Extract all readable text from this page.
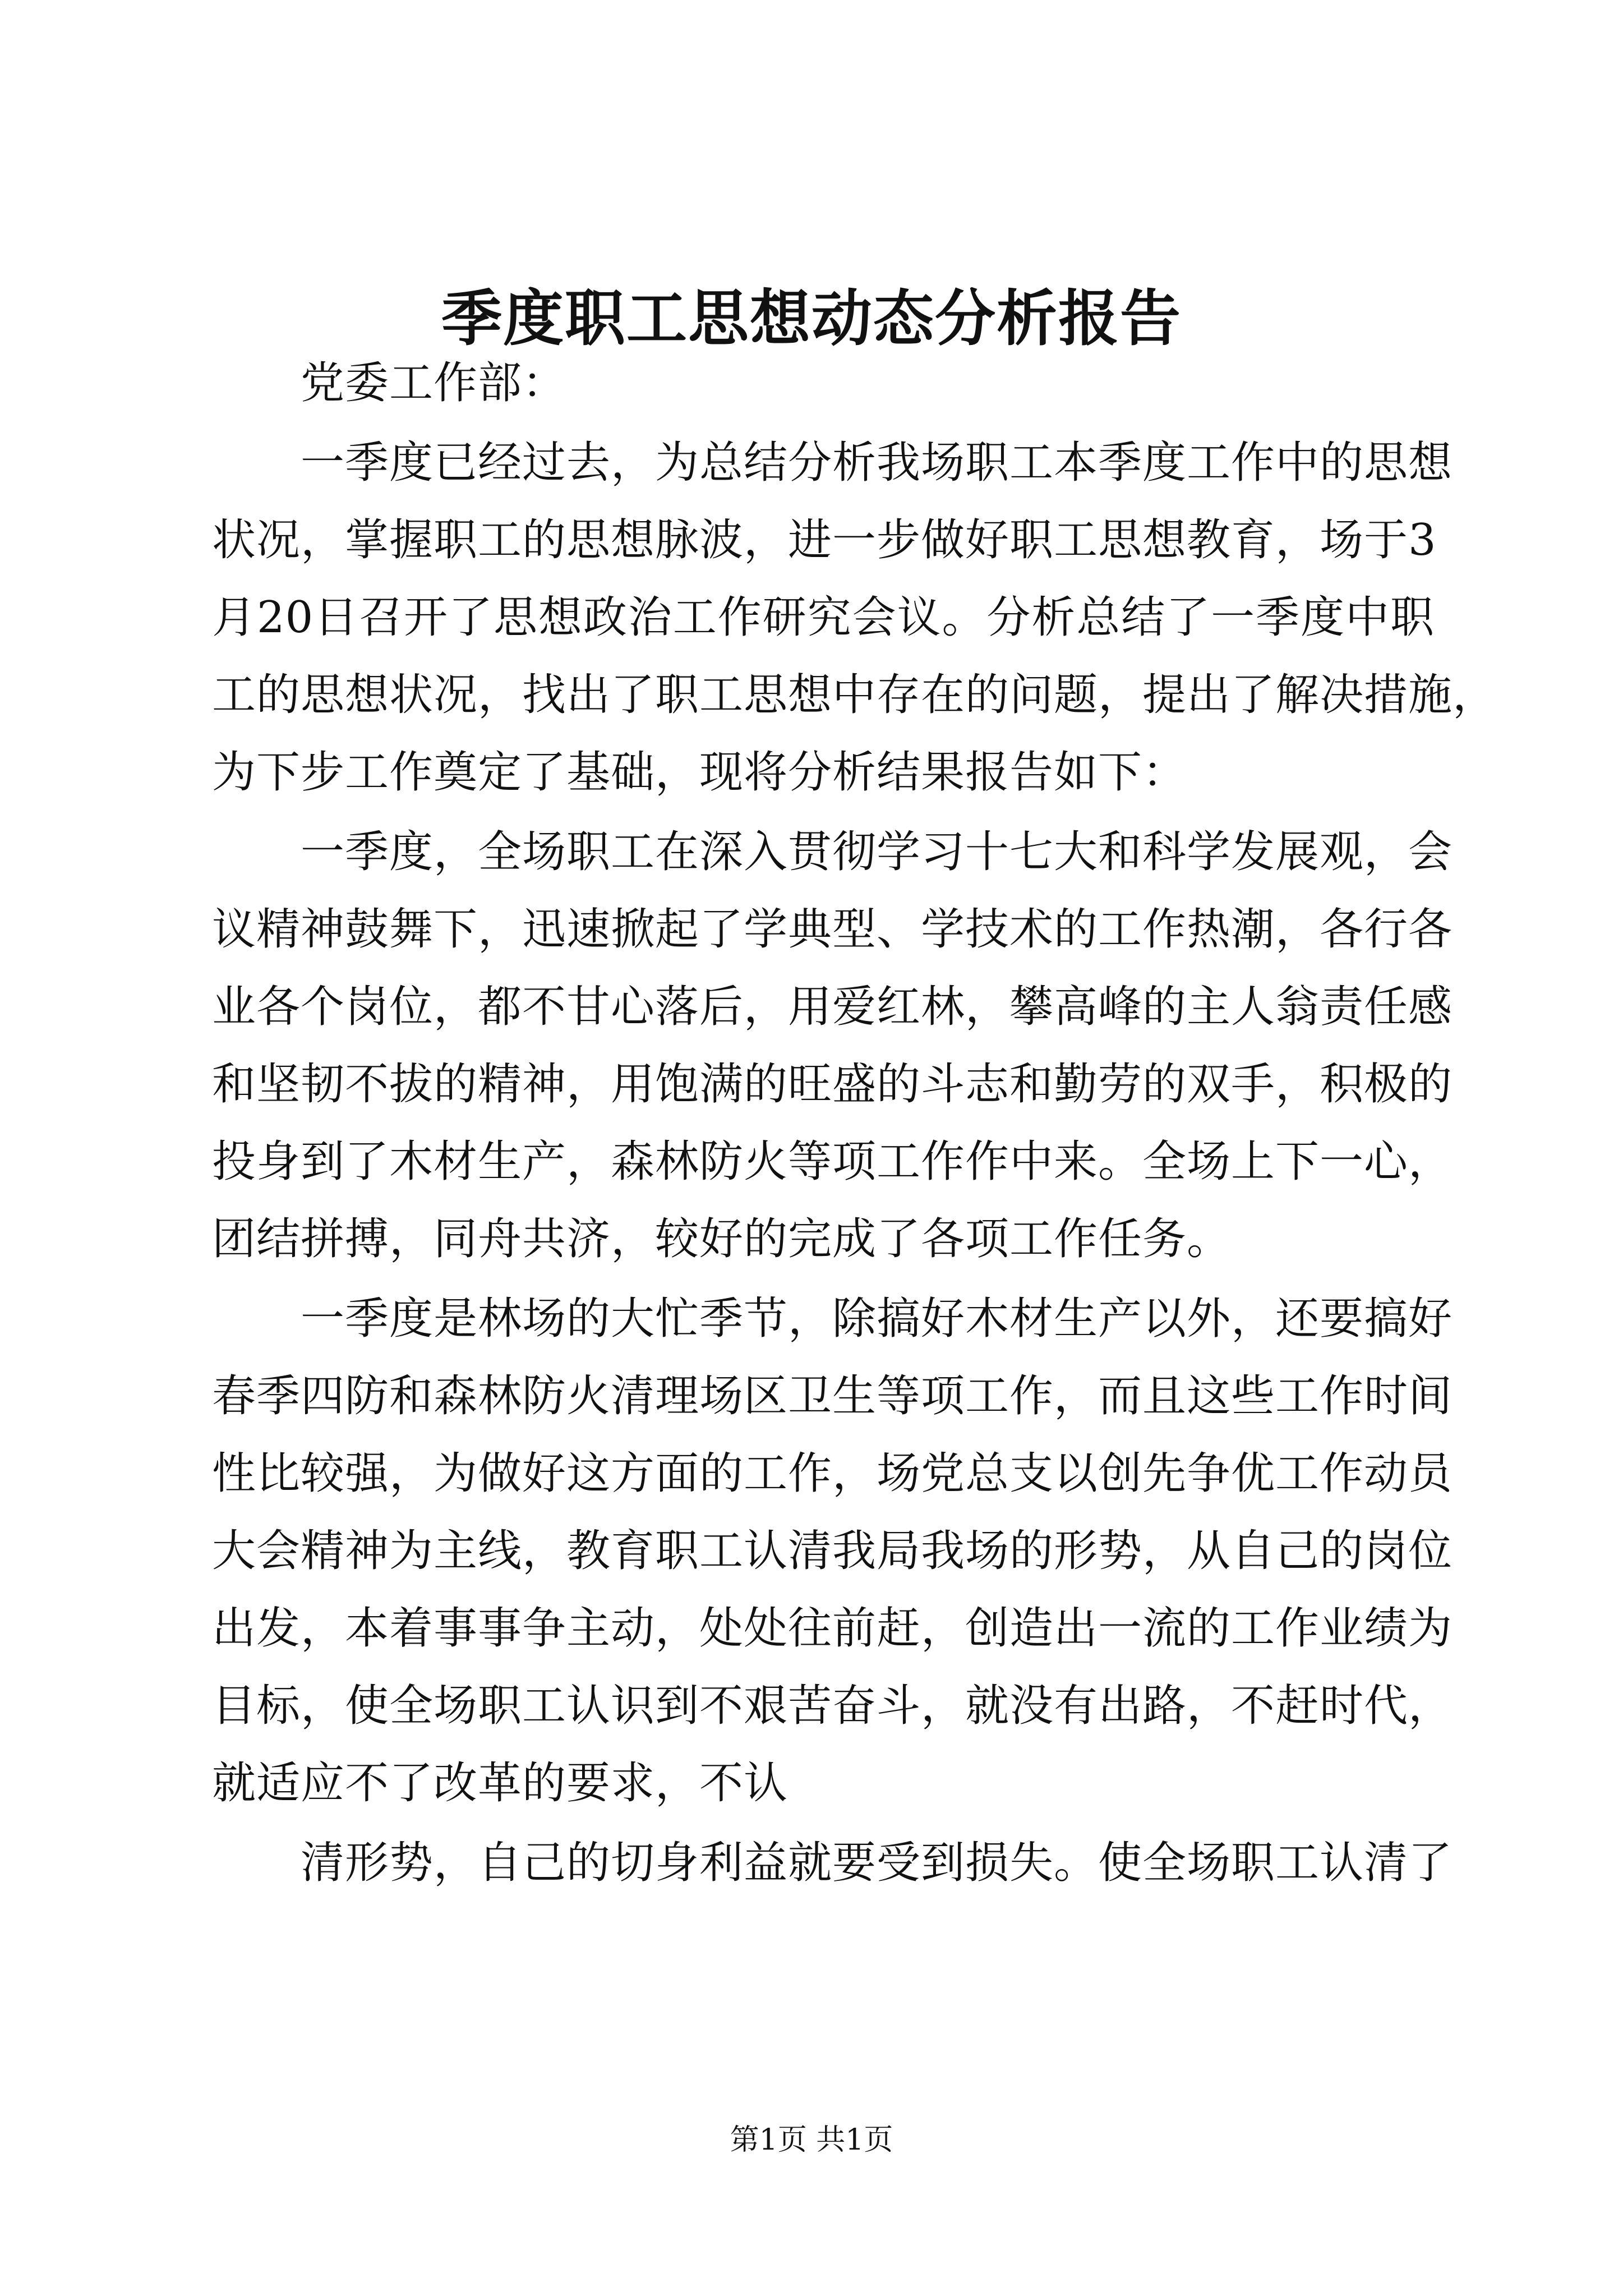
季度职工思想动态分析报告
党委工作部：
一季度已经过去，为总结分析我场职工本季度工作中的思想
状况，掌握职工的思想脉波，进一步做好职工思想教育，场于3
月20日召开了思想政治工作研究会议。分析总结了一季度中职
工的思想状况，找出了职工思想中存在的问题，提出了解决措施，
为下步工作奠定了基础，现将分析结果报告如下：
一季度，全场职工在深入贯彻学习十七大和科学发展观，会
议精神鼓舞下，迅速掀起了学典型、学技术的工作热潮，各行各
业各个岗位，都不甘心落后，用爱红林，攀高峰的主人翁责任感
和坚韧不拔的精神，用饱满的旺盛的斗志和勤劳的双手，积极的
投身到了木材生产，森林防火等项工作作中来。全场上下一心，
团结拼搏，同舟共济，较好的完成了各项工作任务。
一季度是林场的大忙季节，除搞好木材生产以外，还要搞好
春季四防和森林防火清理场区卫生等项工作，而且这些工作时间
性比较强，为做好这方面的工作，场党总支以创先争优工作动员
大会精神为主线，教育职工认清我局我场的形势，从自己的岗位
出发，本着事事争主动，处处往前赶，创造出一流的工作业绩为
目标，使全场职工认识到不艰苦奋斗，就没有出路，不赶时代，
就适应不了改革的要求，不认
清形势，自己的切身利益就要受到损失。使全场职工认清了
第1页 共1页
